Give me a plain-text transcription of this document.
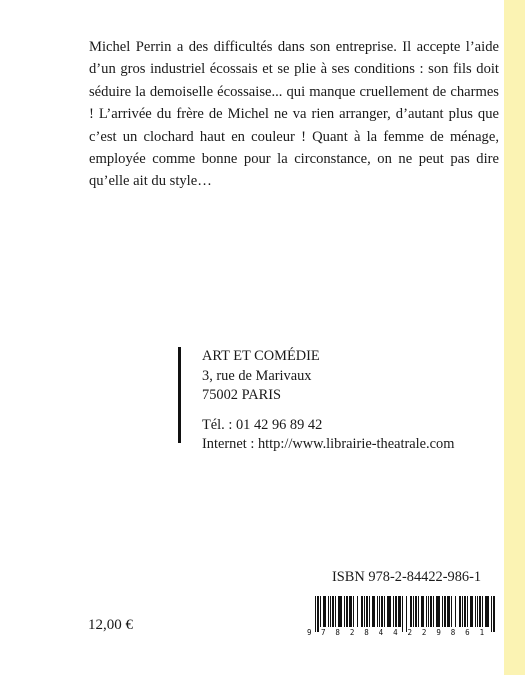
Michel Perrin a des difficultés dans son entreprise. Il accepte l’aide d’un gros industriel écossais et se plie à ses conditions : son fils doit séduire la demoiselle écossaise... qui manque cruellement de charmes ! L’arrivée du frère de Michel ne va rien arranger, d’autant plus que c’est un clochard haut en couleur ! Quant à la femme de ménage, employée comme bonne pour la circonstance, on ne peut pas dire qu’elle ait du style…

ART ET COMÉDIE
3, rue de Marivaux
75002 PARIS
Tél. : 01 42 96 89 42
Internet : http://www.librairie-theatrale.com
ISBN 978-2-84422-986-1
9 7 8 2 8 4 4 2 2 9 8 6 1
12,00 €
